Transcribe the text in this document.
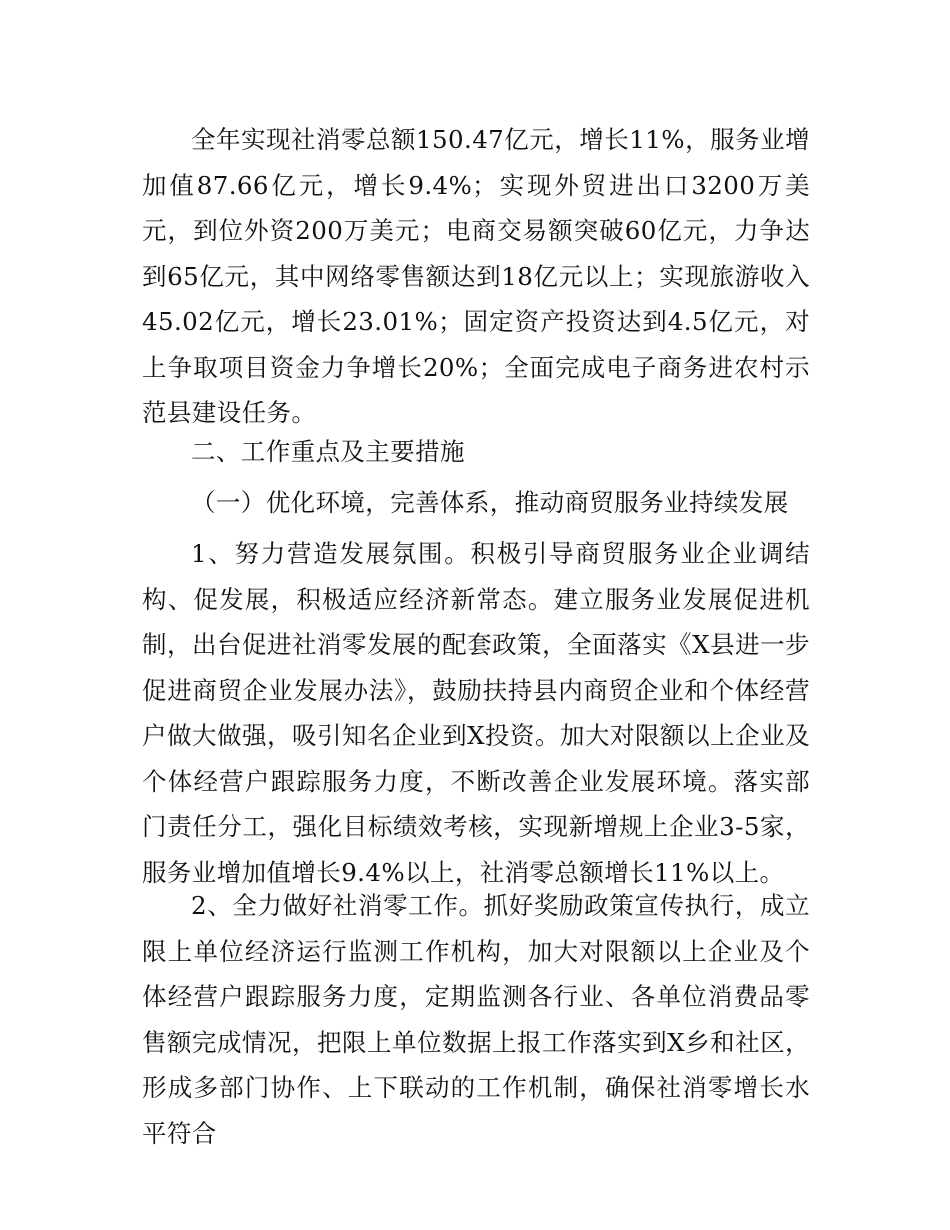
全年实现社消零总额150.47亿元，增长11%，服务业增加值87.66亿元，增长9.4%；实现外贸进出口3200万美元，到位外资200万美元；电商交易额突破60亿元，力争达到65亿元，其中网络零售额达到18亿元以上；实现旅游收入45.02亿元，增长23.01%；固定资产投资达到4.5亿元，对上争取项目资金力争增长20%；全面完成电子商务进农村示范县建设任务。

二、工作重点及主要措施

（一）优化环境，完善体系，推动商贸服务业持续发展

1、努力营造发展氛围。积极引导商贸服务业企业调结构、促发展，积极适应经济新常态。建立服务业发展促进机制，出台促进社消零发展的配套政策，全面落实《X县进一步促进商贸企业发展办法》，鼓励扶持县内商贸企业和个体经营户做大做强，吸引知名企业到X投资。加大对限额以上企业及个体经营户跟踪服务力度，不断改善企业发展环境。落实部门责任分工，强化目标绩效考核，实现新增规上企业3-5家，服务业增加值增长9.4%以上，社消零总额增长11%以上。

2、全力做好社消零工作。抓好奖励政策宣传执行，成立限上单位经济运行监测工作机构，加大对限额以上企业及个体经营户跟踪服务力度，定期监测各行业、各单位消费品零售额完成情况，把限上单位数据上报工作落实到X乡和社区，形成多部门协作、上下联动的工作机制，确保社消零增长水平符合
